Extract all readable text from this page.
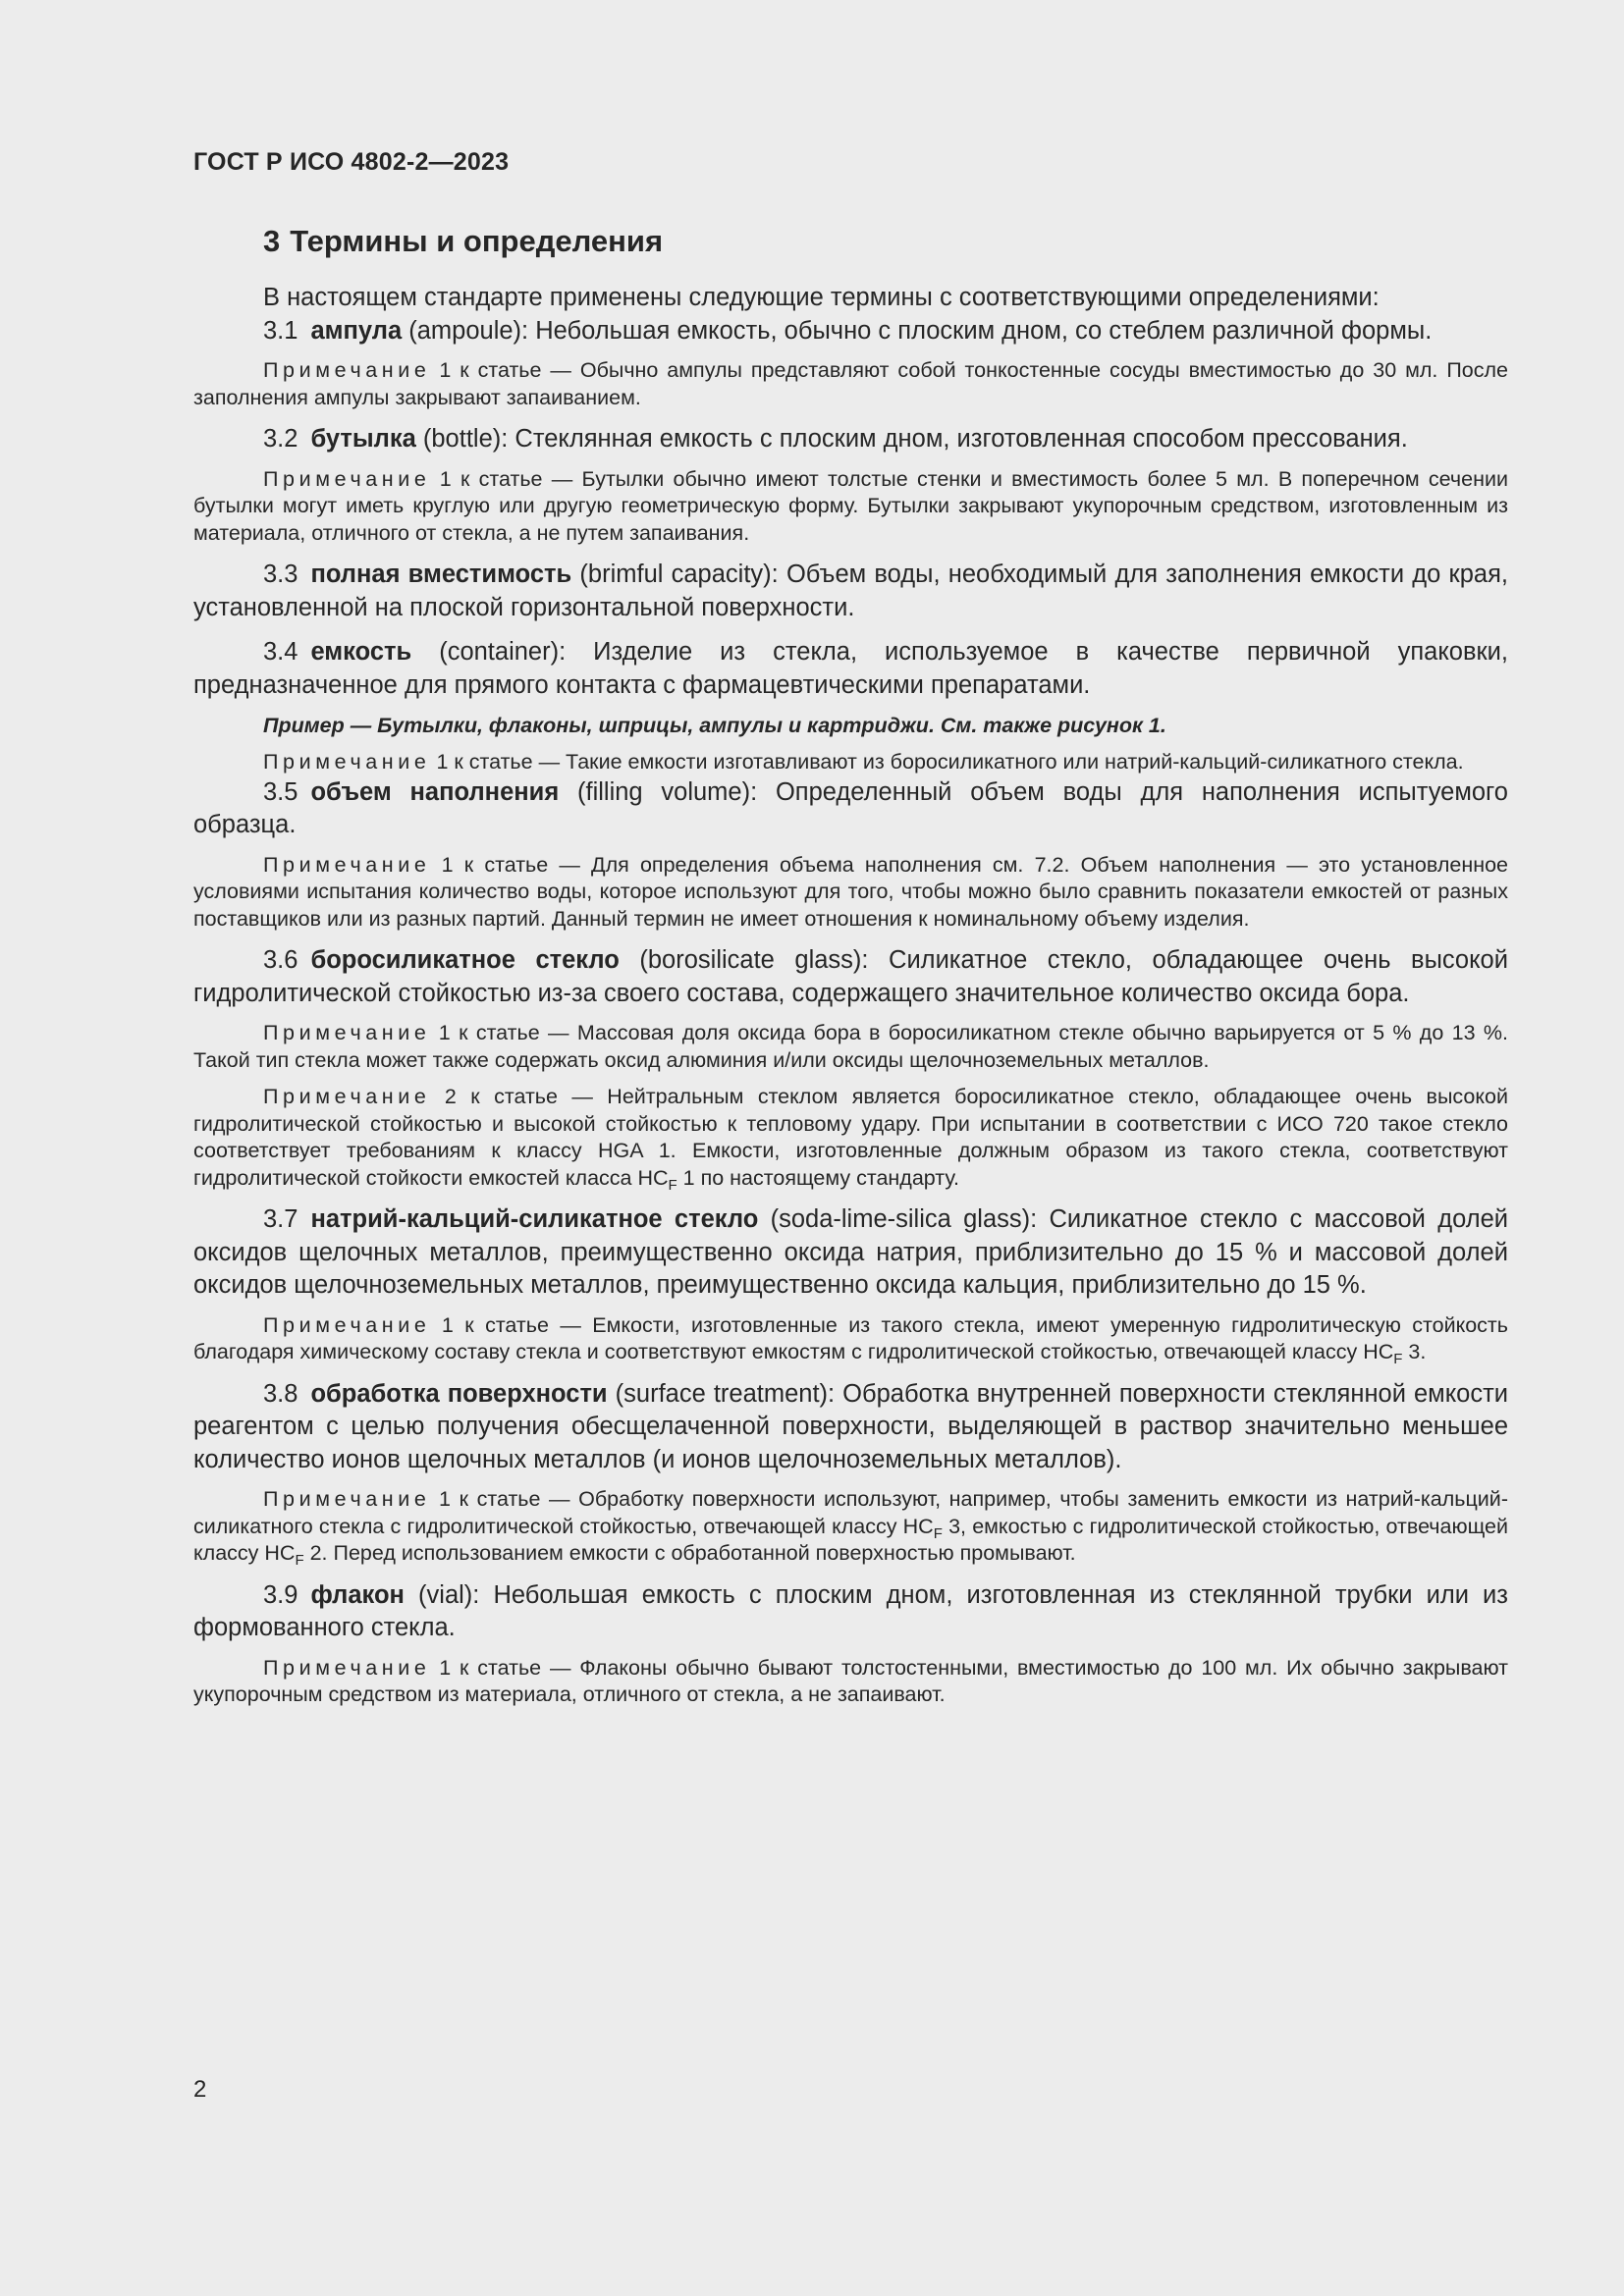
ГОСТ Р ИСО 4802-2—2023
3 Термины и определения

В настоящем стандарте применены следующие термины с соответствующими определениями:

3.1 ампула (ampoule): Небольшая емкость, обычно с плоским дном, со стеблем различной формы.

Примечание 1 к статье — Обычно ампулы представляют собой тонкостенные сосуды вместимостью до 30 мл. После заполнения ампулы закрывают запаиванием.

3.2 бутылка (bottle): Стеклянная емкость с плоским дном, изготовленная способом прессования.

Примечание 1 к статье — Бутылки обычно имеют толстые стенки и вместимость более 5 мл. В поперечном сечении бутылки могут иметь круглую или другую геометрическую форму. Бутылки закрывают укупорочным средством, изготовленным из материала, отличного от стекла, а не путем запаивания.

3.3 полная вместимость (brimful capacity): Объем воды, необходимый для заполнения емкости до края, установленной на плоской горизонтальной поверхности.

3.4 емкость (container): Изделие из стекла, используемое в качестве первичной упаковки, предназначенное для прямого контакта с фармацевтическими препаратами.

Пример — Бутылки, флаконы, шприцы, ампулы и картриджи. См. также рисунок 1.

Примечание 1 к статье — Такие емкости изготавливают из боросиликатного или натрий-кальций-силикатного стекла.

3.5 объем наполнения (filling volume): Определенный объем воды для наполнения испытуемого образца.

Примечание 1 к статье — Для определения объема наполнения см. 7.2. Объем наполнения — это установленное условиями испытания количество воды, которое используют для того, чтобы можно было сравнить показатели емкостей от разных поставщиков или из разных партий. Данный термин не имеет отношения к номинальному объему изделия.

3.6 боросиликатное стекло (borosilicate glass): Силикатное стекло, обладающее очень высокой гидролитической стойкостью из-за своего состава, содержащего значительное количество оксида бора.

Примечание 1 к статье — Массовая доля оксида бора в боросиликатном стекле обычно варьируется от 5 % до 13 %. Такой тип стекла может также содержать оксид алюминия и/или оксиды щелочноземельных металлов.

Примечание 2 к статье — Нейтральным стеклом является боросиликатное стекло, обладающее очень высокой гидролитической стойкостью и высокой стойкостью к тепловому удару. При испытании в соответствии с ИСО 720 такое стекло соответствует требованиям к классу HGA 1. Емкости, изготовленные должным образом из такого стекла, соответствуют гидролитической стойкости емкостей класса $HC_F$ 1 по настоящему стандарту.

3.7 натрий-кальций-силикатное стекло (soda-lime-silica glass): Силикатное стекло с массовой долей оксидов щелочных металлов, преимущественно оксида натрия, приблизительно до 15 % и массовой долей оксидов щелочноземельных металлов, преимущественно оксида кальция, приблизительно до 15 %.

Примечание 1 к статье — Емкости, изготовленные из такого стекла, имеют умеренную гидролитическую стойкость благодаря химическому составу стекла и соответствуют емкостям с гидролитической стойкостью, отвечающей классу $HC_F$ 3.

3.8 обработка поверхности (surface treatment): Обработка внутренней поверхности стеклянной емкости реагентом с целью получения обесщелаченной поверхности, выделяющей в раствор значительно меньшее количество ионов щелочных металлов (и ионов щелочноземельных металлов).

Примечание 1 к статье — Обработку поверхности используют, например, чтобы заменить емкости из натрий-кальций-силикатного стекла с гидролитической стойкостью, отвечающей классу $HC_F$ 3, емкостью с гидролитической стойкостью, отвечающей классу $HC_F$ 2. Перед использованием емкости с обработанной поверхностью промывают.

3.9 флакон (vial): Небольшая емкость с плоским дном, изготовленная из стеклянной трубки или из формованного стекла.

Примечание 1 к статье — Флаконы обычно бывают толстостенными, вместимостью до 100 мл. Их обычно закрывают укупорочным средством из материала, отличного от стекла, а не запаивают.

2
